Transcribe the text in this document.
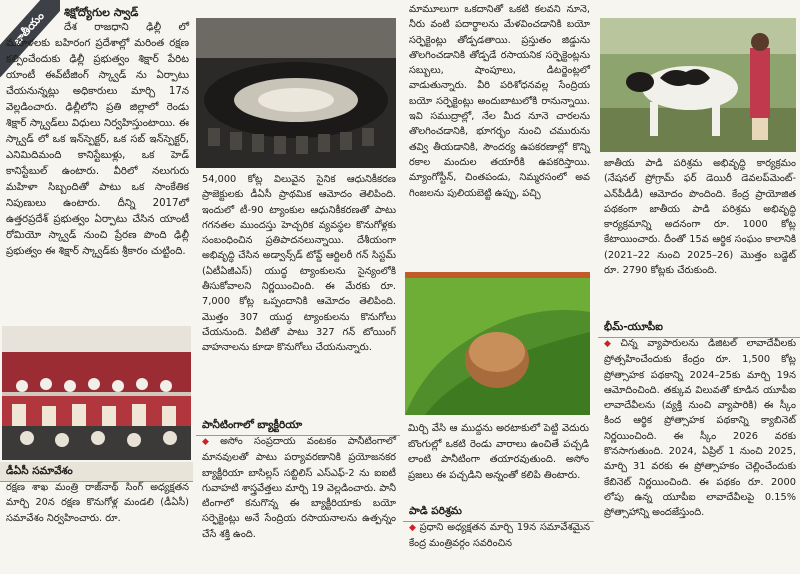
జాతీయం	శిక్షోద్యోగుల స్వాడ్

దేశ రాజధాని ఢిల్లీ లో మహిళలకు బహిరంగ ప్రదేశాల్లో మరింత రక్షణ కల్పించేందుకు ఢిల్లీ ప్రభుత్వం శిక్షార్ పేరిట యాంటీ ఈవ్‌టీజింగ్ స్క్వాడ్ ను ఏర్పాటు చేయనున్నట్లు అధికారులు మార్చి 17న వెల్లడించారు. ఢిల్లీలోని ప్రతి జిల్లాలో రెండు శిక్షార్ స్క్వాడ్‌లు విధులు నిర్వహిస్తుంటాయి. ఈ స్క్వాడ్ లో ఒక ఇన్‌స్పెక్టర్, ఒక సబ్ ఇన్‌స్పెక్టర్, ఎనిమిదిమంది కానిస్టేబుళ్లు, ఒక హెడ్ కానిస్టేబుల్ ఉంటారు. వీరిలో నలుగురు మహిళా సిబ్బందితో పాటు ఒక సాంకేతిక నిపుణులు ఉంటారు. దీన్ని 2017లో ఉత్తరప్రదేశ్ ప్రభుత్వం ఏర్పాటు చేసిన యాంటీ రోమియో స్క్వాడ్ నుంచి ప్రేరణ పొంది ఢిల్లీ ప్రభుత్వం ఈ శిక్షార్ స్క్వాడ్‌కు శ్రీకారం చుట్టింది.

డీఏసీ సమావేశం

రక్షణ శాఖ మంత్రి రాజ్‌నాథ్ సింగ్ అధ్యక్షతన మార్చి 20న రక్షణ కొనుగోళ్ల మండలి (డీఏసీ) సమావేశం నిర్వహించారు. రూ.

54,000 కోట్ల విలువైన సైనిక ఆధునికీకరణ ప్రాజెక్టులకు డీఏసీ ప్రాథమిక ఆమోదం తెలిపింది. ఇందులో టీ-90 ట్యాంకుల ఆధునికీకరణతో పాటు గగనతల ముందస్తు హెచ్చరిక వ్యవస్థల కొనుగోళ్లకు సంబంధించిన ప్రతిపాదనలున్నాయి. దేశీయంగా అభివృద్ధి చేసిన అడ్వాన్స్‌డ్ టోవ్డ్ ఆర్టిలరీ గన్ సిస్టమ్ (ఏటీఏజీఎస్) యుద్ధ ట్యాంకులను సైన్యంలోకి తీసుకోవాలని నిర్ణయించింది. ఈ మేరకు రూ. 7,000 కోట్ల ఒప్పందానికి ఆమోదం తెలిపింది. మొత్తం 307 యుద్ధ ట్యాంకులను కొనుగోలు చేయనుంది. వీటితో పాటు 327 గన్ టోయింగ్ వాహనాలను కూడా కొనుగోలు చేయనున్నారు.

పానీటింగాలో బ్యాక్టీరియా

◆ అసోం సంప్రదాయ వంటకం పానీటింగాలో మానవులతో పాటు పర్యావరణానికి ప్రయోజనకర బ్యాక్టీరియా బాసిల్లస్ సబ్టిలిస్ ఎస్‌ఎఫ్‌-2 ను ఐఐటీ గువాహటి శాస్త్రవేత్తలు మార్చి 19 వెల్లడించారు. పానీ టింగాలో కనుగొన్న ఈ బ్యాక్టీరియాకు బయో సర్ఫెక్టెంట్లు అనే సేంద్రియ రసాయనాలను ఉత్పన్నం చేసే శక్తి ఉంది.

మామూలుగా ఒకదానితో ఒకటి కలవని నూనె, నీరు వంటి పదార్థాలను మేళవించడానికి బయో సర్ఫెక్టెంట్లు తోడ్పడతాయి. ప్రస్తుతం జిడ్డును తొలగించడానికి తోడ్పడే రసాయనిక సర్ఫెక్టెంట్లను సబ్బులు, షాంపూలు, డిటర్జెంట్లలో వాడుతున్నారు. వీరి పరిశోధనవల్ల సేంద్రియ బయో సర్ఫెక్టెంట్లు అందుబాటులోకి రానున్నాయి. ఇవి సముద్రాల్లో, నేల మీద నూనె చారలను తొలగించడానికి, భూగర్భం నుంచి చమురును తవ్వి తీయడానికి, సౌందర్య ఉపకరణాల్లో కొన్ని రకాల మందుల తయారీకి ఉపకరిస్తాయి. మ్యాంగోస్టీన్, చింతపండు, నిమ్మరసంలో అవ గింజలను పులియబెట్టి ఉప్పు, పచ్చి

మిర్చి వేసి ఆ ముద్దను అరటాకులో పెట్టి వెదురు బొంగుల్లో ఒకటి రెండు వారాలు ఉంచితే పచ్చడి లాంటి పానీటింగా తయారవుతుంది. అసోం ప్రజలు ఈ పచ్చడిని అన్నంతో కలిపి తింటారు.

పాడి పరిశ్రమ

◆ ప్రధాని అధ్యక్షతన మార్చి 19న సమావేశమైన కేంద్ర మంత్రివర్గం సవరించిన

జాతీయ పాడి పరిశ్రమ అభివృద్ధి కార్యక్రమం (నేషనల్ ప్రోగ్రామ్ ఫర్ డెయిరీ డెవలప్‌మెంట్-ఎన్‌పీడీడీ) ఆమోదం పొందింది. కేంద్ర ప్రాయోజిత పథకంగా జాతీయ పాడి పరిశ్రమ అభివృద్ధి కార్యక్రమాన్ని అదనంగా రూ. 1000 కోట్ల కేటాయించారు. దీంతో 15వ ఆర్థిక సంఘం కాలానికి (2021–22 నుంచి 2025–26) మొత్తం బడ్జెట్ రూ. 2790 కోట్లకు చేరుకుంది.

భీమ్-యూపీఐ

◆ చిన్న వ్యాపారులను డిజిటల్ లావాదేవీలకు ప్రోత్సహించేందుకు కేంద్రం రూ. 1,500 కోట్ల ప్రోత్సాహక పథకాన్ని 2024–25కు మార్చి 19న ఆమోదించింది. తక్కువ విలువతో కూడిన యూపీఐ లావాదేవీలను (వ్యక్తి నుంచి వ్యాపారికి) ఈ స్కీం కింద ఆర్థిక ప్రోత్సాహక పథకాన్ని క్యాబినెట్ నిర్ణయించింది. ఈ స్కీం 2026 వరకు కొనసాగుతుంది. 2024, ఏప్రిల్ 1 నుంచి 2025, మార్చి 31 వరకు ఈ ప్రోత్సాహకం చెల్లించేందుకు కేబినెట్ నిర్ణయించింది. ఈ పథకం రూ. 2000 లోపు ఉన్న యూపీఐ లావాదేవీలపై 0.15% ప్రోత్సాహాన్ని అందజేస్తుంది.
